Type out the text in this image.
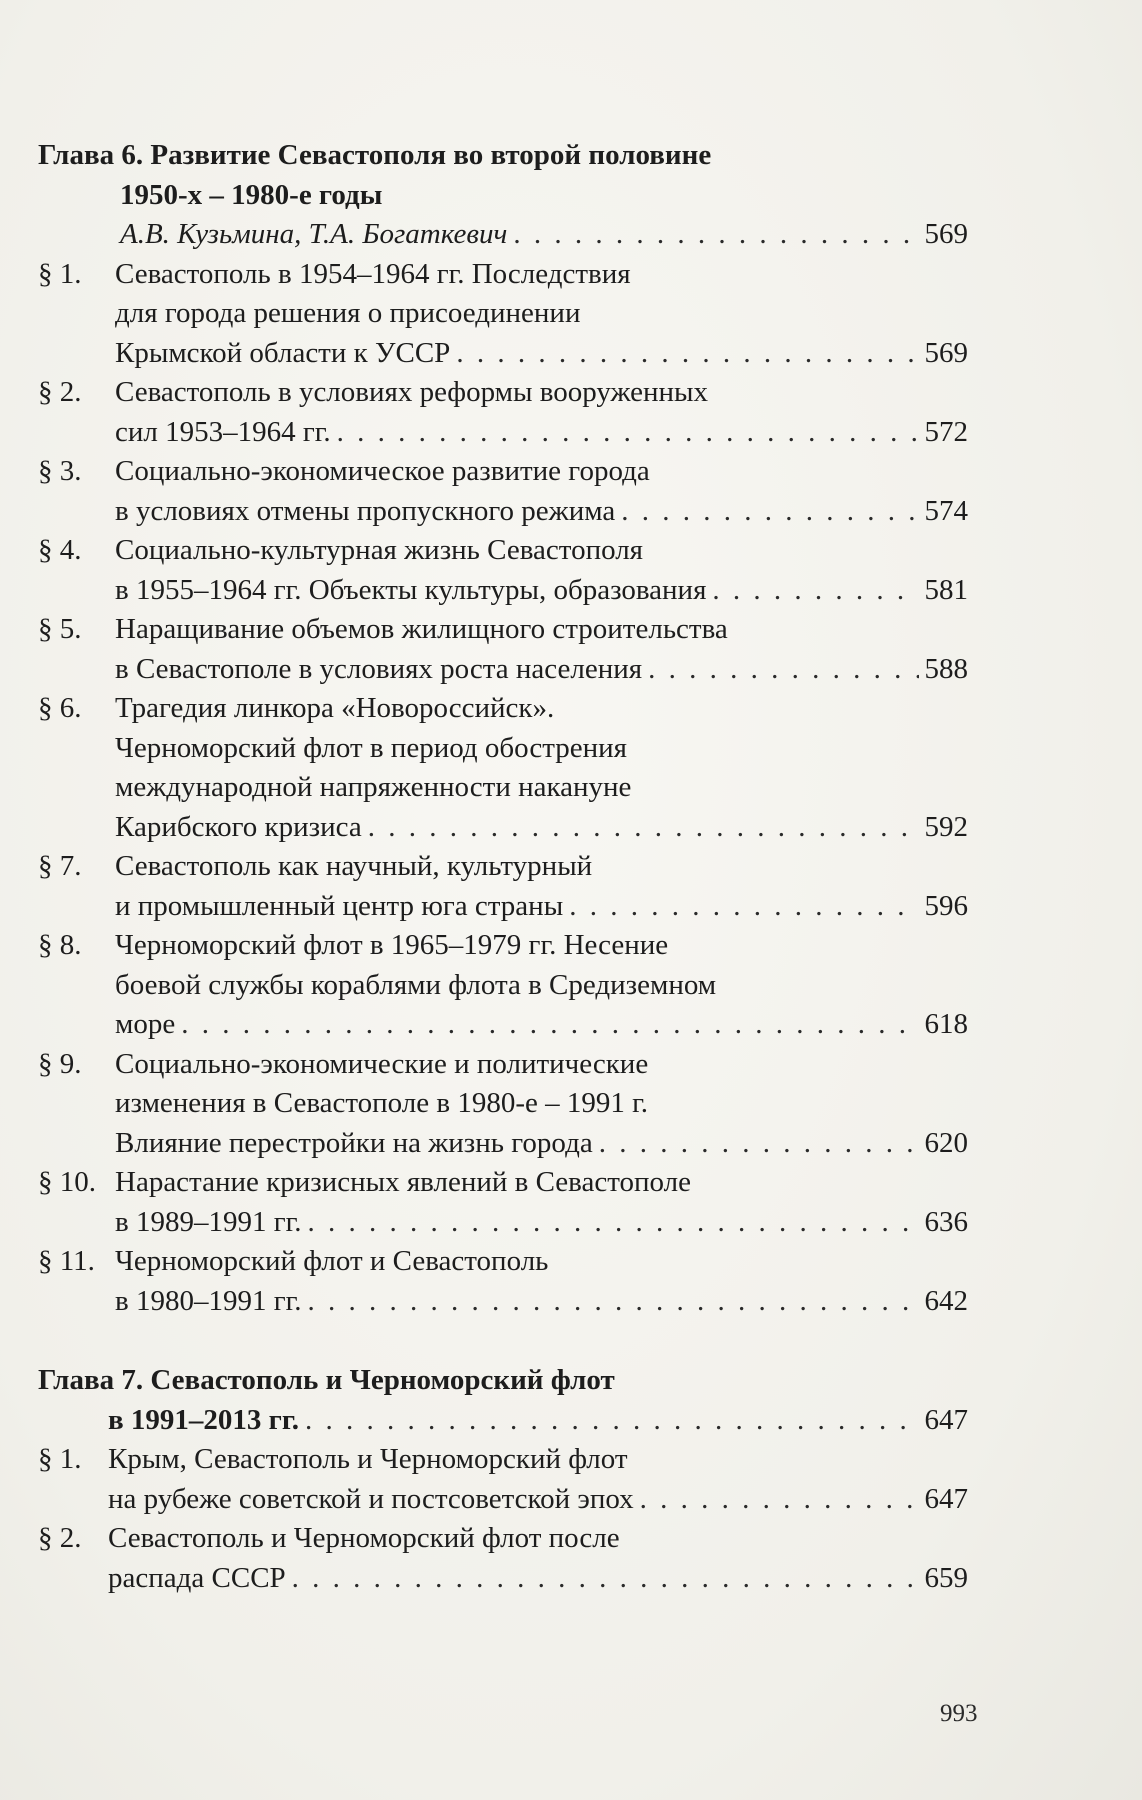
Глава 6. Развитие Севастополя во второй половине
1950-х – 1980-е годы
А.В. Кузьмина, Т.А. Богаткевич . . .	569
§ 1. Севастополь в 1954–1964 гг. Последствия
для города решения о присоединении
Крымской области к УССР . . .	569
§ 2. Севастополь в условиях реформы вооруженных
сил 1953–1964 гг. . . .	572
§ 3. Социально-экономическое развитие города
в условиях отмены пропускного режима . . .	574
§ 4. Социально-культурная жизнь Севастополя
в 1955–1964 гг. Объекты культуры, образования . . .	581
§ 5. Наращивание объемов жилищного строительства
в Севастополе в условиях роста населения . . .	588
§ 6. Трагедия линкора «Новороссийск».
Черноморский флот в период обострения
международной напряженности накануне
Карибского кризиса . . .	592
§ 7. Севастополь как научный, культурный
и промышленный центр юга страны . . .	596
§ 8. Черноморский флот в 1965–1979 гг. Несение
боевой службы кораблями флота в Средиземном
море . . .	618
§ 9. Социально-экономические и политические
изменения в Севастополе в 1980-е – 1991 г.
Влияние перестройки на жизнь города . . .	620
§ 10. Нарастание кризисных явлений в Севастополе
в 1989–1991 гг. . . .	636
§ 11. Черноморский флот и Севастополь
в 1980–1991 гг. . . .	642
Глава 7. Севастополь и Черноморский флот
в 1991–2013 гг. . . .	647
§ 1. Крым, Севастополь и Черноморский флот
на рубеже советской и постсоветской эпох . . .	647
§ 2. Севастополь и Черноморский флот после
распада СССР . . .	659
993
